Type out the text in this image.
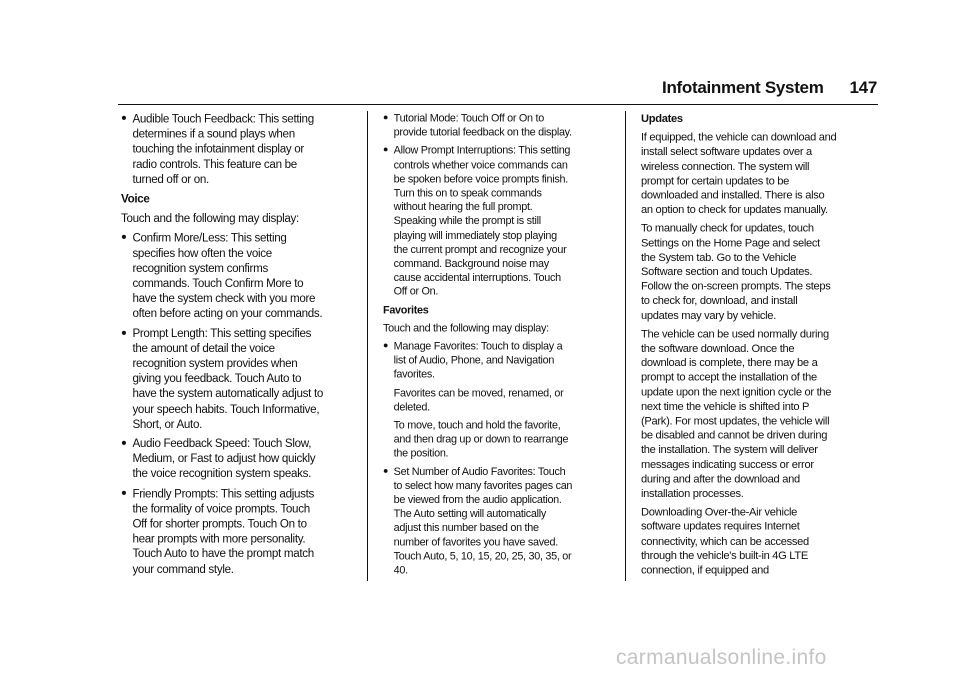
Infotainment System 147
● Audible Touch Feedback: This setting determines if a sound plays when touching the infotainment display or radio controls. This feature can be turned off or on.
Voice
Touch and the following may display:
● Confirm More/Less: This setting specifies how often the voice recognition system confirms commands. Touch Confirm More to have the system check with you more often before acting on your commands.
● Prompt Length: This setting specifies the amount of detail the voice recognition system provides when giving you feedback. Touch Auto to have the system automatically adjust to your speech habits. Touch Informative, Short, or Auto.
● Audio Feedback Speed: Touch Slow, Medium, or Fast to adjust how quickly the voice recognition system speaks.
● Friendly Prompts: This setting adjusts the formality of voice prompts. Touch Off for shorter prompts. Touch On to hear prompts with more personality. Touch Auto to have the prompt match your command style.
● Tutorial Mode: Touch Off or On to provide tutorial feedback on the display.
● Allow Prompt Interruptions: This setting controls whether voice commands can be spoken before voice prompts finish. Turn this on to speak commands without hearing the full prompt. Speaking while the prompt is still playing will immediately stop playing the current prompt and recognize your command. Background noise may cause accidental interruptions. Touch Off or On.
Favorites
Touch and the following may display:
● Manage Favorites: Touch to display a list of Audio, Phone, and Navigation favorites.
Favorites can be moved, renamed, or deleted.
To move, touch and hold the favorite, and then drag up or down to rearrange the position.
● Set Number of Audio Favorites: Touch to select how many favorites pages can be viewed from the audio application. The Auto setting will automatically adjust this number based on the number of favorites you have saved. Touch Auto, 5, 10, 15, 20, 25, 30, 35, or 40.
Updates
If equipped, the vehicle can download and install select software updates over a wireless connection. The system will prompt for certain updates to be downloaded and installed. There is also an option to check for updates manually.
To manually check for updates, touch Settings on the Home Page and select the System tab. Go to the Vehicle Software section and touch Updates. Follow the on-screen prompts. The steps to check for, download, and install updates may vary by vehicle.
The vehicle can be used normally during the software download. Once the download is complete, there may be a prompt to accept the installation of the update upon the next ignition cycle or the next time the vehicle is shifted into P (Park). For most updates, the vehicle will be disabled and cannot be driven during the installation. The system will deliver messages indicating success or error during and after the download and installation processes.
Downloading Over-the-Air vehicle software updates requires Internet connectivity, which can be accessed through the vehicle's built-in 4G LTE connection, if equipped and
carmanualsonline.info
